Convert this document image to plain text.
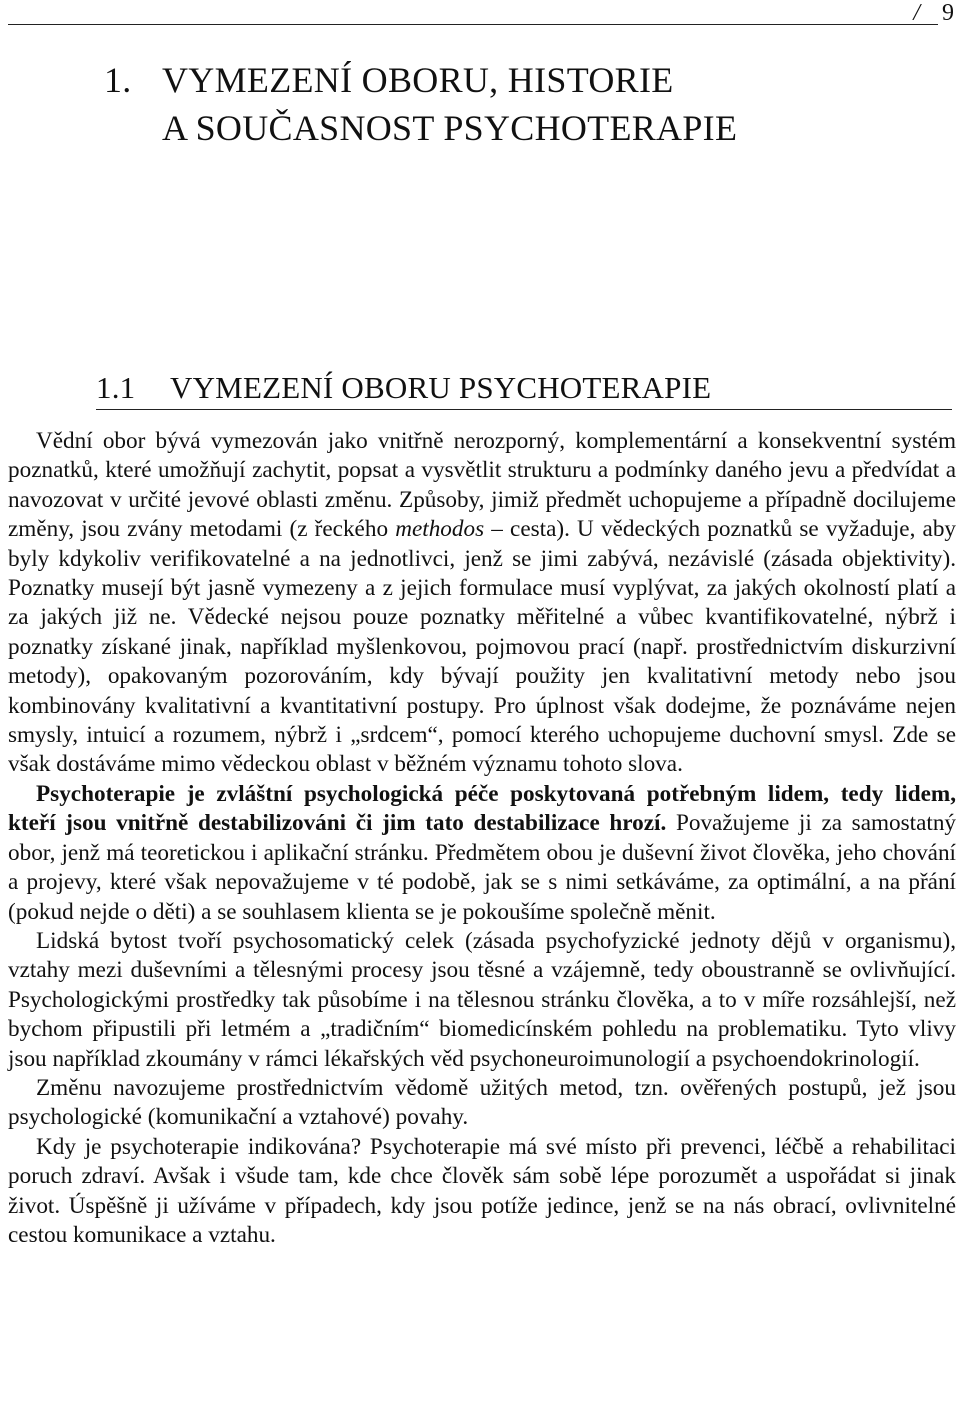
/ 9
1. VYMEZENÍ OBORU, HISTORIE
A SOUČASNOST PSYCHOTERAPIE
1.1 VYMEZENÍ OBORU PSYCHOTERAPIE

Vědní obor bývá vymezován jako vnitřně nerozporný, komplementární a konsekventní systém poznatků, které umožňují zachytit, popsat a vysvětlit strukturu a podmínky daného jevu a předvídat a navozovat v určité jevové oblasti změnu. Způsoby, jimiž předmět uchopujeme a případně docilujeme změny, jsou zvány metodami (z řeckého methodos – cesta). U vědeckých poznatků se vyžaduje, aby byly kdykoliv verifikovatelné a na jednotlivci, jenž se jimi zabývá, nezávislé (zásada objektivity). Poznatky musejí být jasně vymezeny a z jejich formulace musí vyplývat, za jakých okolností platí a za jakých již ne. Vědecké nejsou pouze poznatky měřitelné a vůbec kvantifikovatelné, nýbrž i poznatky získané jinak, například myšlenkovou, pojmovou prací (např. prostřednictvím diskurzivní metody), opakovaným pozorováním, kdy bývají použity jen kvalitativní metody nebo jsou kombinovány kvalitativní a kvantitativní postupy. Pro úplnost však dodejme, že poznáváme nejen smysly, intuicí a rozumem, nýbrž i „srdcem“, pomocí kterého uchopujeme duchovní smysl. Zde se však dostáváme mimo vědeckou oblast v běžném významu tohoto slova.

Psychoterapie je zvláštní psychologická péče poskytovaná potřebným lidem, tedy lidem, kteří jsou vnitřně destabilizováni či jim tato destabilizace hrozí. Považujeme ji za samostatný obor, jenž má teoretickou i aplikační stránku. Předmětem obou je duševní život člověka, jeho chování a projevy, které však nepovažujeme v té podobě, jak se s nimi setkáváme, za optimální, a na přání (pokud nejde o děti) a se souhlasem klienta se je pokoušíme společně měnit.

Lidská bytost tvoří psychosomatický celek (zásada psychofyzické jednoty dějů v organismu), vztahy mezi duševními a tělesnými procesy jsou těsné a vzájemně, tedy oboustranně se ovlivňující. Psychologickými prostředky tak působíme i na tělesnou stránku člověka, a to v míře rozsáhlejší, než bychom připustili při letmém a „tradičním“ biomedicínském pohledu na problematiku. Tyto vlivy jsou například zkoumány v rámci lékařských věd psychoneuroimunologií a psychoendokrinologií.

Změnu navozujeme prostřednictvím vědomě užitých metod, tzn. ověřených postupů, jež jsou psychologické (komunikační a vztahové) povahy.

Kdy je psychoterapie indikována? Psychoterapie má své místo při prevenci, léčbě a rehabilitaci poruch zdraví. Avšak i všude tam, kde chce člověk sám sobě lépe porozumět a uspořádat si jinak život. Úspěšně ji užíváme v případech, kdy jsou potíže jedince, jenž se na nás obrací, ovlivnitelné cestou komunikace a vztahu.
